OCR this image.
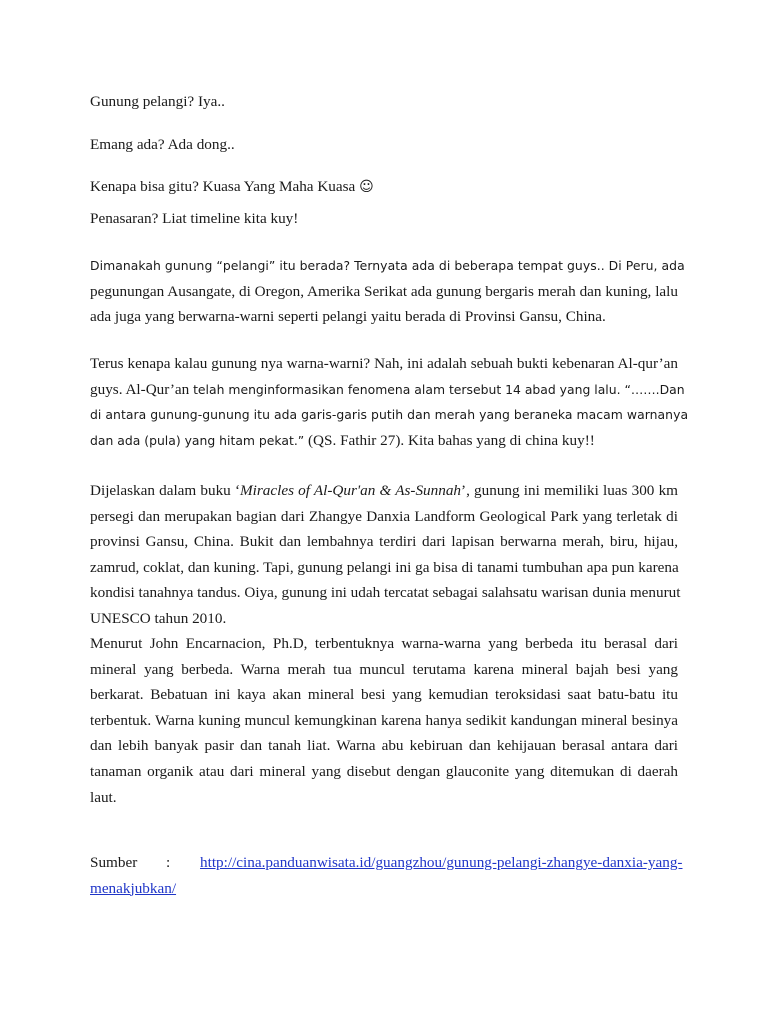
Gunung pelangi? Iya..

Emang ada? Ada dong..

Kenapa bisa gitu? Kuasa Yang Maha Kuasa ☺

Penasaran? Liat timeline kita kuy!

Dimanakah gunung “pelangi” itu berada? Ternyata ada di beberapa tempat guys.. Di Peru, ada
pegunungan Ausangate, di Oregon, Amerika Serikat ada gunung bergaris merah dan kuning, lalu
ada juga yang berwarna-warni seperti pelangi yaitu berada di Provinsi Gansu, China.
Terus kenapa kalau gunung nya warna-warni? Nah, ini adalah sebuah bukti kebenaran Al-qur’an
guys. Al-Qur’an telah menginformasikan fenomena alam tersebut 14 abad yang lalu. “…….Dan
di antara gunung-gunung itu ada garis-garis putih dan merah yang beraneka macam warnanya
dan ada (pula) yang hitam pekat.” (QS. Fathir 27). Kita bahas yang di china kuy!!
Dijelaskan dalam buku ‘Miracles of Al-Qur'an & As-Sunnah’, gunung ini memiliki luas 300 km
persegi dan merupakan bagian dari Zhangye Danxia Landform Geological Park yang terletak di
provinsi Gansu, China. Bukit dan lembahnya terdiri dari lapisan berwarna merah, biru, hijau,
zamrud, coklat, dan kuning. Tapi, gunung pelangi ini ga bisa di tanami tumbuhan apa pun karena
kondisi tanahnya tandus. Oiya, gunung ini udah tercatat sebagai salahsatu warisan dunia menurut
UNESCO tahun 2010.
Menurut John Encarnacion, Ph.D, terbentuknya warna-warna yang berbeda itu berasal dari
mineral yang berbeda. Warna merah tua muncul terutama karena mineral bajah besi yang
berkarat. Bebatuan ini kaya akan mineral besi yang kemudian teroksidasi saat batu-batu itu
terbentuk. Warna kuning muncul kemungkinan karena hanya sedikit kandungan mineral besinya
dan lebih banyak pasir dan tanah liat. Warna abu kebiruan dan kehijauan berasal antara dari
tanaman organik atau dari mineral yang disebut dengan glauconite yang ditemukan di daerah
laut.
Sumber : http://cina.panduanwisata.id/guangzhou/gunung-pelangi-zhangye-danxia-yang-
menakjubkan/
